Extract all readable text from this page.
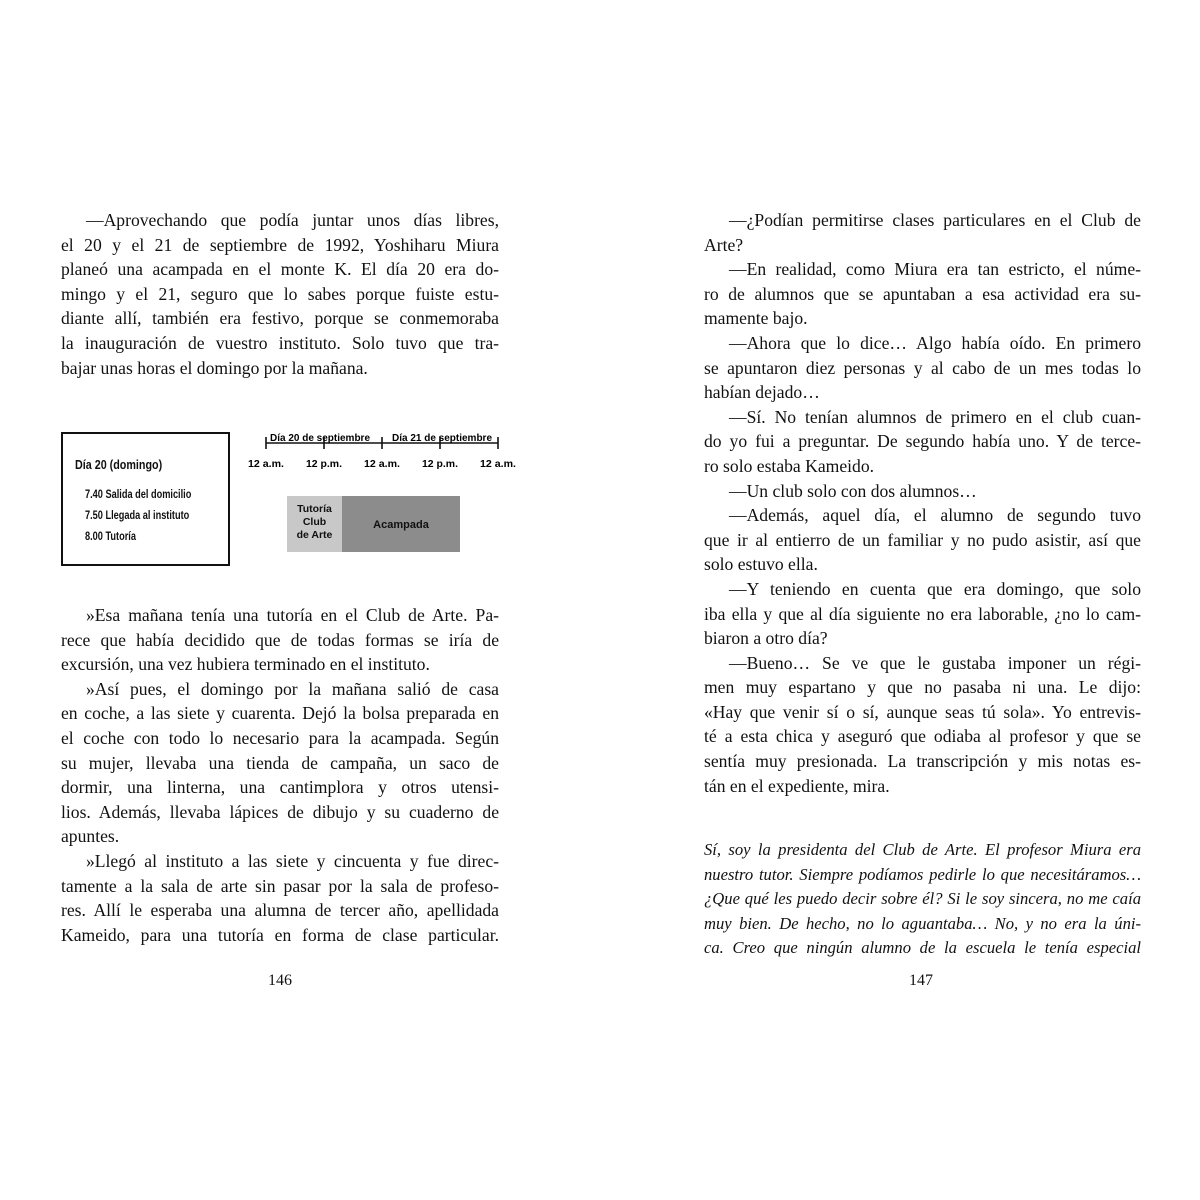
—Aprovechando que podía juntar unos días libres,
el 20 y el 21 de septiembre de 1992, Yoshiharu Miura
planeó una acampada en el monte K. El día 20 era do-
mingo y el 21, seguro que lo sabes porque fuiste estu-
diante allí, también era festivo, porque se conmemoraba
la inauguración de vuestro instituto. Solo tuvo que tra-
bajar unas horas el domingo por la mañana.

Día 20 (domingo)
7.40 Salida del domicilio
7.50 Llegada al instituto
8.00 Tutoría
Día 20 de septiembre Día 21 de septiembre
12 a.m. 12 p.m. 12 a.m. 12 p.m. 12 a.m.
Tutoría
Club
de Arte
Acampada

»Esa mañana tenía una tutoría en el Club de Arte. Pa-
rece que había decidido que de todas formas se iría de
excursión, una vez hubiera terminado en el instituto.

»Así pues, el domingo por la mañana salió de casa
en coche, a las siete y cuarenta. Dejó la bolsa preparada en
el coche con todo lo necesario para la acampada. Según
su mujer, llevaba una tienda de campaña, un saco de
dormir, una linterna, una cantimplora y otros utensi-
lios. Además, llevaba lápices de dibujo y su cuaderno de
apuntes.

»Llegó al instituto a las siete y cincuenta y fue direc-
tamente a la sala de arte sin pasar por la sala de profeso-
res. Allí le esperaba una alumna de tercer año, apellidada
Kameido, para una tutoría en forma de clase particular.

146

—¿Podían permitirse clases particulares en el Club de
Arte?

—En realidad, como Miura era tan estricto, el núme-
ro de alumnos que se apuntaban a esa actividad era su-
mamente bajo.

—Ahora que lo dice… Algo había oído. En primero
se apuntaron diez personas y al cabo de un mes todas lo
habían dejado…

—Sí. No tenían alumnos de primero en el club cuan-
do yo fui a preguntar. De segundo había uno. Y de terce-
ro solo estaba Kameido.

—Un club solo con dos alumnos…

—Además, aquel día, el alumno de segundo tuvo
que ir al entierro de un familiar y no pudo asistir, así que
solo estuvo ella.

—Y teniendo en cuenta que era domingo, que solo
iba ella y que al día siguiente no era laborable, ¿no lo cam-
biaron a otro día?

—Bueno… Se ve que le gustaba imponer un régi-
men muy espartano y que no pasaba ni una. Le dijo:
«Hay que venir sí o sí, aunque seas tú sola». Yo entrevis-
té a esta chica y aseguró que odiaba al profesor y que se
sentía muy presionada. La transcripción y mis notas es-
tán en el expediente, mira.

Sí, soy la presidenta del Club de Arte. El profesor Miura era
nuestro tutor. Siempre podíamos pedirle lo que necesitáramos…
¿Que qué les puedo decir sobre él? Si le soy sincera, no me caía
muy bien. De hecho, no lo aguantaba… No, y no era la úni-
ca. Creo que ningún alumno de la escuela le tenía especial

147
